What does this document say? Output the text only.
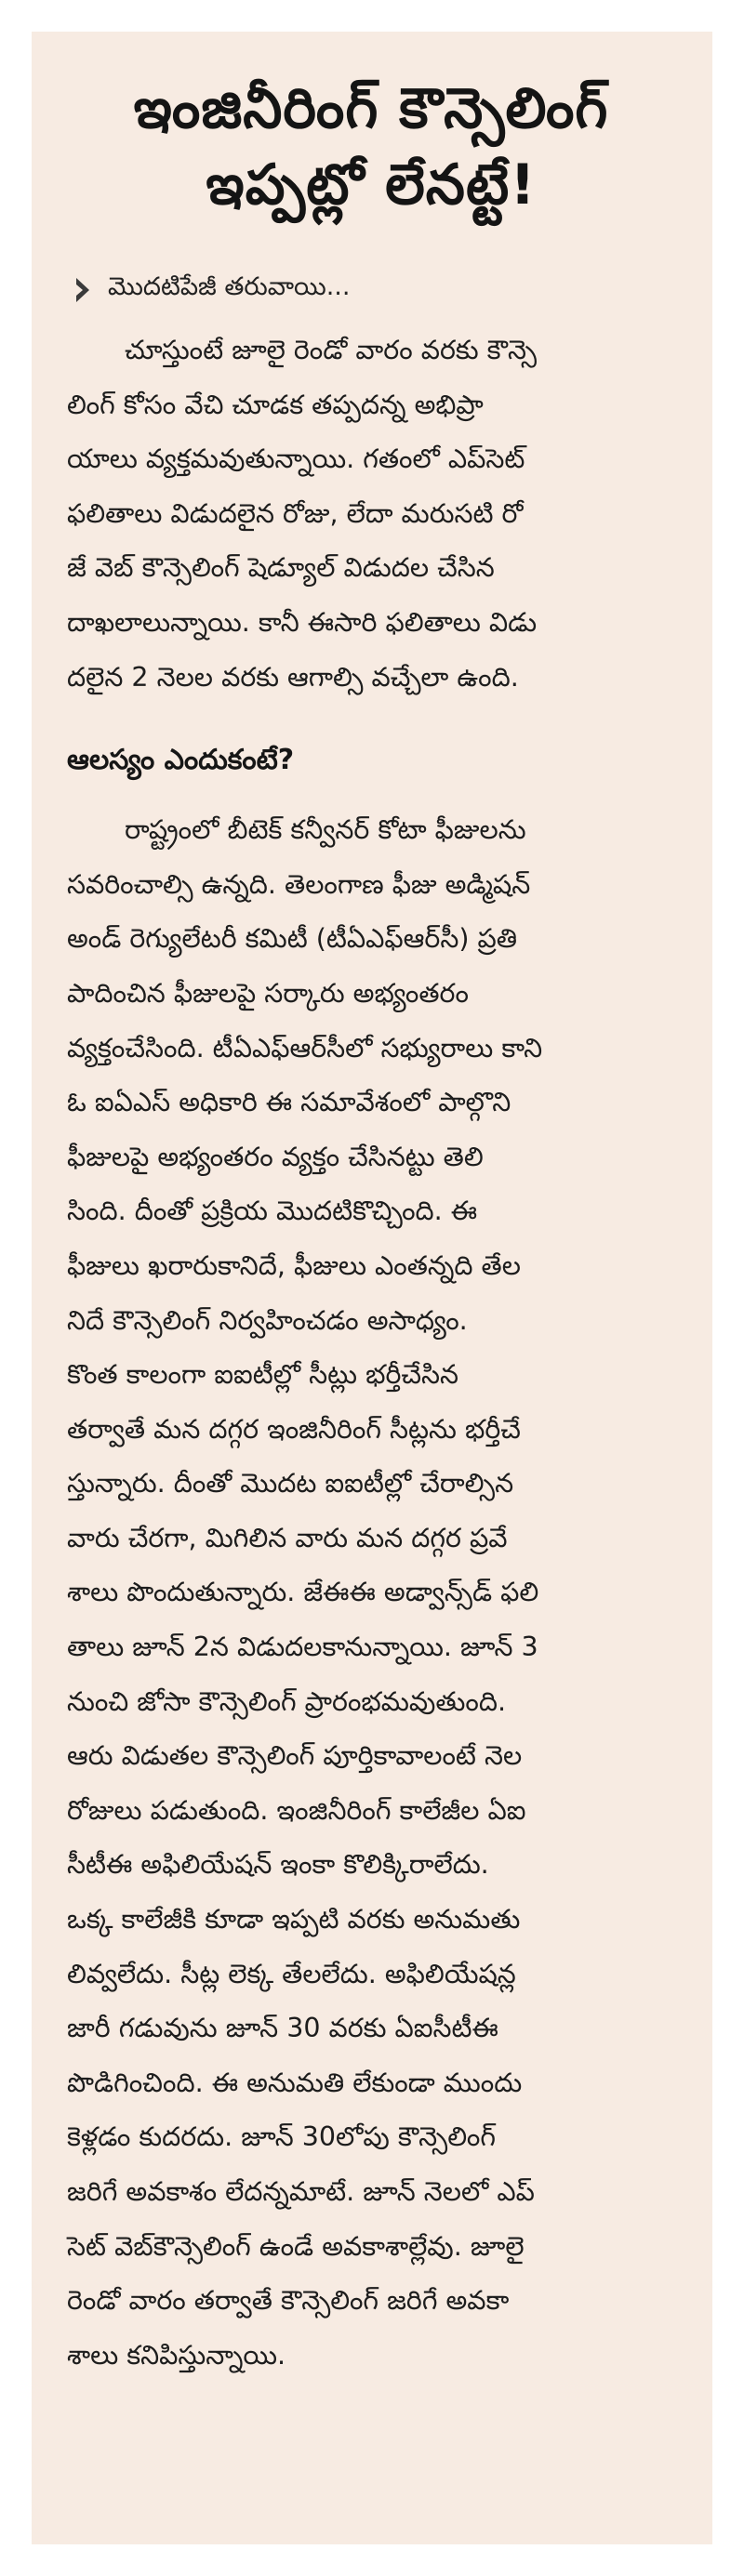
ఇంజినీరింగ్ కౌన్సెలింగ్
ఇప్పట్లో లేనట్టే!
మొదటిపేజీ తరువాయి...
చూస్తుంటే జూలై రెండో వారం వరకు కౌన్సె
లింగ్ కోసం వేచి చూడక తప్పదన్న అభిప్రా
యాలు వ్యక్తమవుతున్నాయి. గతంలో ఎప్‌సెట్
ఫలితాలు విడుదలైన రోజు, లేదా మరుసటి రో
జే వెబ్ కౌన్సెలింగ్ షెడ్యూల్ విడుదల చేసిన
దాఖలాలున్నాయి. కానీ ఈసారి ఫలితాలు విడు
దలైన 2 నెలల వరకు ఆగాల్సి వచ్చేలా ఉంది.
ఆలస్యం ఎందుకంటే?
రాష్ట్రంలో బీటెక్ కన్వీనర్ కోటా ఫీజులను
సవరించాల్సి ఉన్నది. తెలంగాణ ఫీజు అడ్మిషన్
అండ్ రెగ్యులేటరీ కమిటీ (టీఏఎఫ్‌ఆర్‌సీ) ప్రతి
పాదించిన ఫీజులపై సర్కారు అభ్యంతరం
వ్యక్తంచేసింది. టీఏఎఫ్‌ఆర్‌సీలో సభ్యురాలు కాని
ఓ ఐఏఎస్ అధికారి ఈ సమావేశంలో పాల్గొని
ఫీజులపై అభ్యంతరం వ్యక్తం చేసినట్టు తెలి
సింది. దీంతో ప్రక్రియ మొదటికొచ్చింది. ఈ
ఫీజులు ఖరారుకానిదే, ఫీజులు ఎంతన్నది తేల
నిదే కౌన్సెలింగ్ నిర్వహించడం అసాధ్యం.
కొంత కాలంగా ఐఐటీల్లో సీట్లు భర్తీచేసిన
తర్వాతే మన దగ్గర ఇంజినీరింగ్ సీట్లను భర్తీచే
స్తున్నారు. దీంతో మొదట ఐఐటీల్లో చేరాల్సిన
వారు చేరగా, మిగిలిన వారు మన దగ్గర ప్రవే
శాలు పొందుతున్నారు. జేఈఈ అడ్వాన్స్‌డ్ ఫలి
తాలు జూన్ 2న విడుదలకానున్నాయి. జూన్ 3
నుంచి జోసా కౌన్సెలింగ్ ప్రారంభమవుతుంది.
ఆరు విడుతల కౌన్సెలింగ్ పూర్తికావాలంటే నెల
రోజులు పడుతుంది. ఇంజినీరింగ్ కాలేజీల ఏఐ
సీటీఈ అఫిలియేషన్ ఇంకా కొలిక్కిరాలేదు.
ఒక్క కాలేజీకి కూడా ఇప్పటి వరకు అనుమతు
లివ్వలేదు. సీట్ల లెక్క తేలలేదు. అఫిలియేషన్ల
జారీ గడువును జూన్ 30 వరకు ఏఐసీటీఈ
పొడిగించింది. ఈ అనుమతి లేకుండా ముందు
కెళ్లడం కుదరదు. జూన్ 30లోపు కౌన్సెలింగ్
జరిగే అవకాశం లేదన్నమాటే. జూన్ నెలలో ఎప్
సెట్ వెబ్‌కౌన్సెలింగ్ ఉండే అవకాశాల్లేవు. జూలై
రెండో వారం తర్వాతే కౌన్సెలింగ్ జరిగే అవకా
శాలు కనిపిస్తున్నాయి.
